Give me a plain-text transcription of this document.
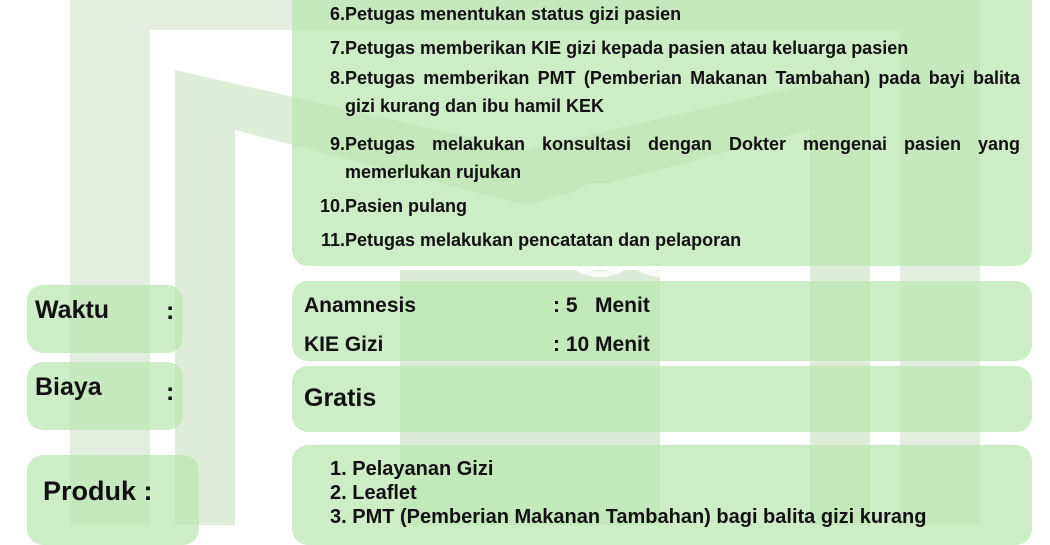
6. Petugas menentukan status gizi pasien
7. Petugas memberikan KIE gizi kepada pasien atau keluarga pasien
8. Petugas memberikan PMT (Pemberian Makanan Tambahan) pada bayi balita gizi kurang dan ibu hamil KEK
9. Petugas melakukan konsultasi dengan Dokter mengenai pasien yang memerlukan rujukan
10. Pasien pulang
11. Petugas melakukan pencatatan dan pelaporan
Waktu :	Anamnesis	: 5   Menit
KIE Gizi	: 10 Menit
Biaya	:	Gratis
Produk :
1. Pelayanan Gizi
2. Leaflet
3. PMT (Pemberian Makanan Tambahan) bagi balita gizi kurang
